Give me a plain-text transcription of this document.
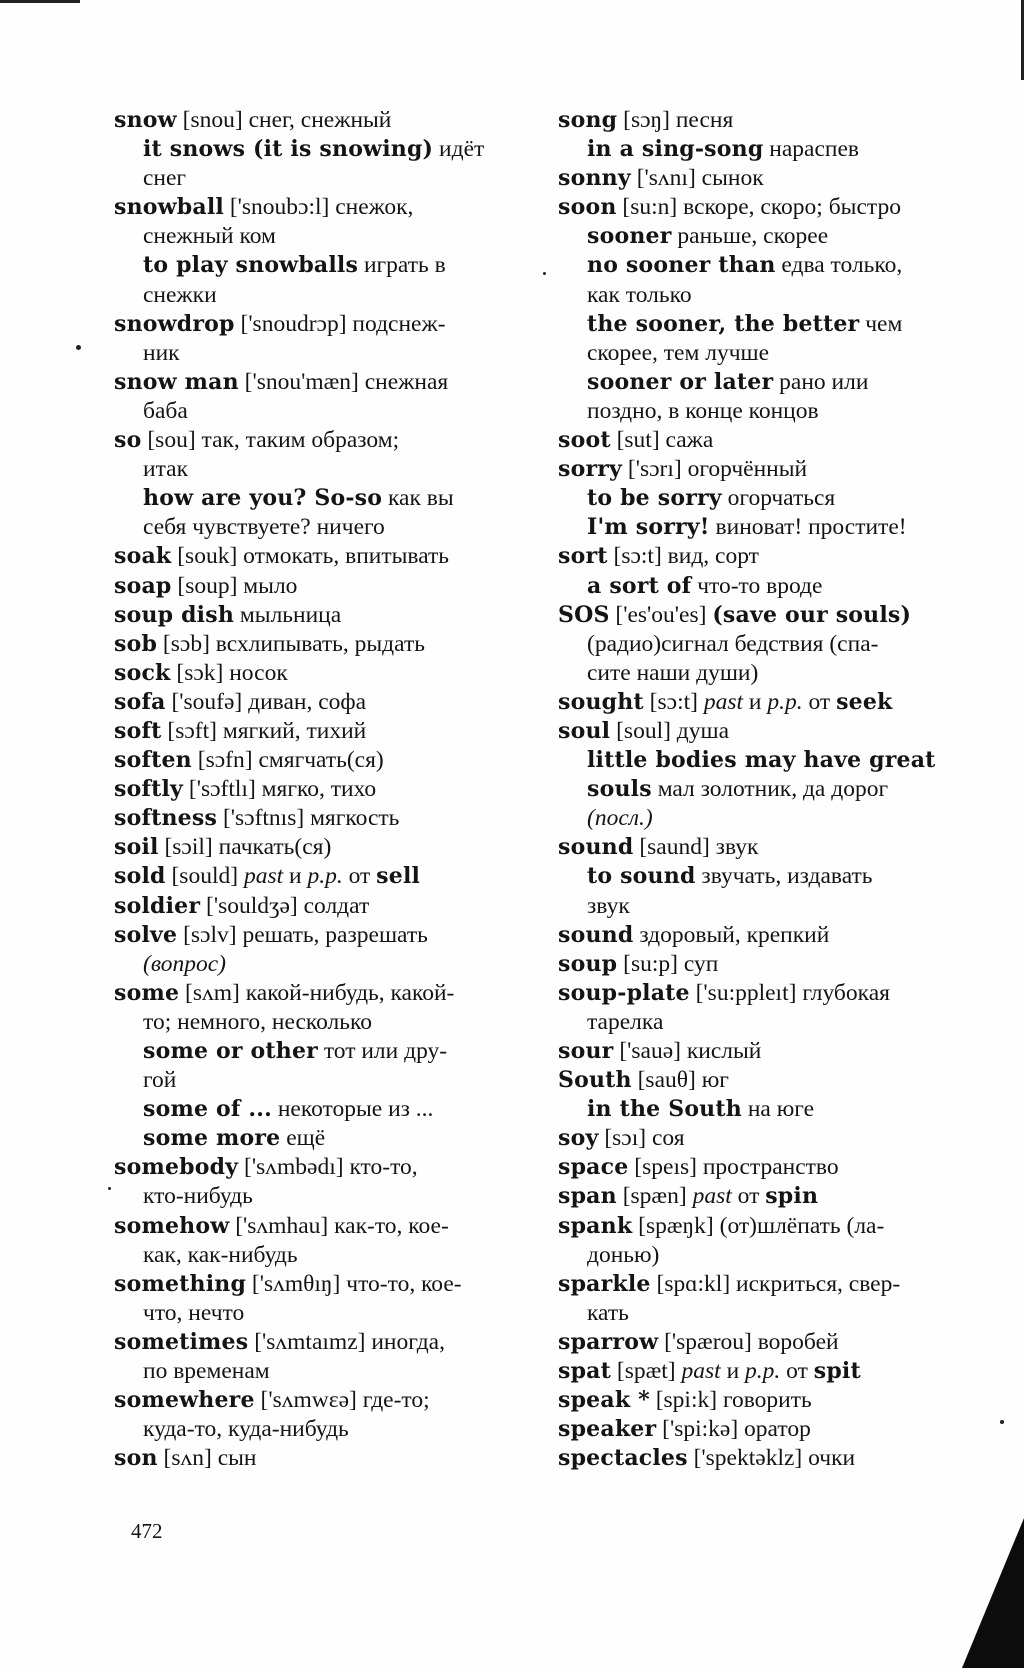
snow [snou] снег, снежный
it snows (it is snowing) идёт
снег
snowball ['snoubɔ:l] снежок,
снежный ком
to play snowballs играть в
снежки
snowdrop ['snoudrɔp] подснеж-
ник
snow man ['snou'mæn] снежная
баба
so [sou] так, таким образом;
итак
how are you? So-so как вы
себя чувствуете? ничего
soak [souk] отмокать, впитывать
soap [soup] мыло
soup dish мыльница
sob [sɔb] всхлипывать, рыдать
sock [sɔk] носок
sofa ['soufə] диван, софа
soft [sɔft] мягкий, тихий
soften [sɔfn] смягчать(ся)
softly ['sɔftlı] мягко, тихо
softness ['sɔftnıs] мягкость
soil [sɔil] пачкать(ся)
sold [sould] past и p.p. от sell
soldier ['souldʒə] солдат
solve [sɔlv] решать, разрешать
(вопрос)
some [sʌm] какой-нибудь, какой-
то; немного, несколько
some or other тот или дру-
гой
some of ... некоторые из ...
some more ещё
somebody ['sʌmbədı] кто-то,
кто-нибудь
somehow ['sʌmhau] как-то, кое-
как, как-нибудь
something ['sʌmθıŋ] что-то, кое-
что, нечто
sometimes ['sʌmtaımz] иногда,
по временам
somewhere ['sʌmwɛə] где-то;
куда-то, куда-нибудь
son [sʌn] сын
song [sɔŋ] песня
in a sing-song нараспев
sonny ['sʌnı] сынок
soon [su:n] вскоре, скоро; быстро
sooner раньше, скорее
no sooner than едва только,
как только
the sooner, the better чем
скорее, тем лучше
sooner or later рано или
поздно, в конце концов
soot [sut] сажа
sorry ['sɔrı] огорчённый
to be sorry огорчаться
I'm sorry! виноват! простите!
sort [sɔ:t] вид, сорт
a sort of что-то вроде
SOS ['es'ou'es] (save our souls)
(радио)сигнал бедствия (спа-
сите наши души)
sought [sɔ:t] past и p.p. от seek
soul [soul] душа
little bodies may have great
souls мал золотник, да дорог
(посл.)
sound [saund] звук
to sound звучать, издавать
звук
sound здоровый, крепкий
soup [su:p] суп
soup-plate ['su:ppleıt] глубокая
тарелка
sour ['sauə] кислый
South [sauθ] юг
in the South на юге
soy [sɔı] соя
space [speıs] пространство
span [spæn] past от spin
spank [spæŋk] (от)шлёпать (ла-
донью)
sparkle [spɑ:kl] искриться, свер-
кать
sparrow ['spærou] воробей
spat [spæt] past и p.p. от spit
speak * [spi:k] говорить
speaker ['spi:kə] оратор
spectacles ['spektəklz] очки
472
